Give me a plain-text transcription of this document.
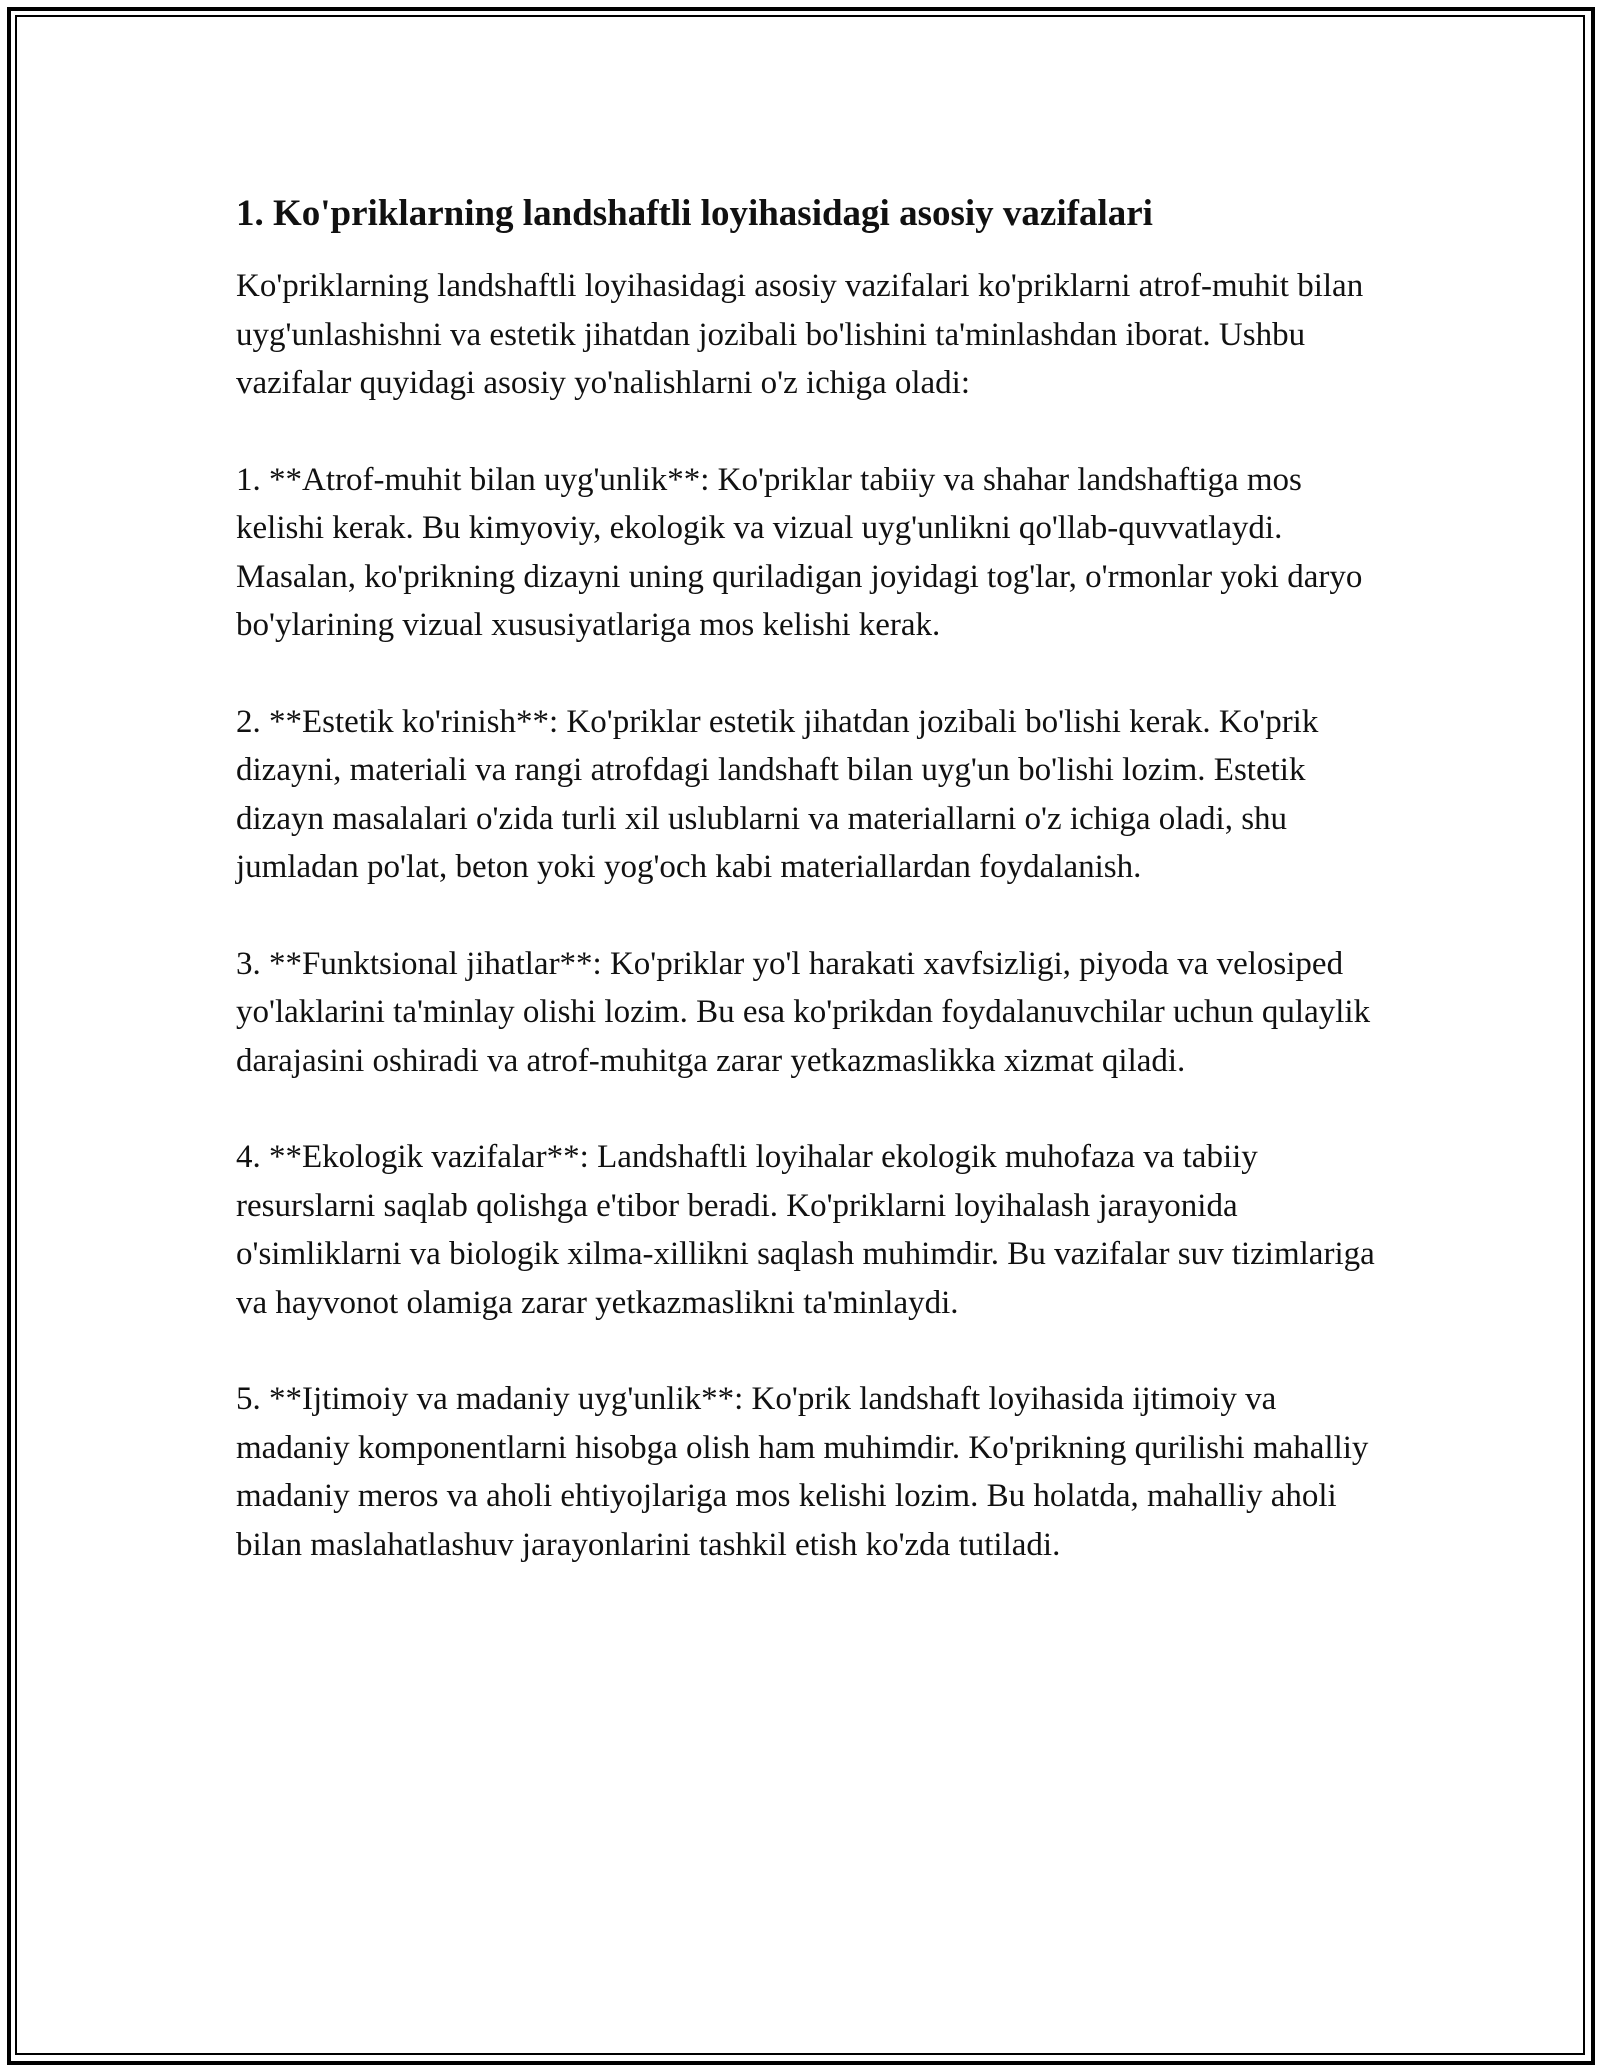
1. Ko'priklarning landshaftli loyihasidagi asosiy vazifalari

Ko'priklarning landshaftli loyihasidagi asosiy vazifalari ko'priklarni atrof-muhit bilan uyg'unlashishni va estetik jihatdan jozibali bo'lishini ta'minlashdan iborat. Ushbu vazifalar quyidagi asosiy yo'nalishlarni o'z ichiga oladi:

1. **Atrof-muhit bilan uyg'unlik**: Ko'priklar tabiiy va shahar landshaftiga mos kelishi kerak. Bu kimyoviy, ekologik va vizual uyg'unlikni qo'llab-quvvatlaydi. Masalan, ko'prikning dizayni uning quriladigan joyidagi tog'lar, o'rmonlar yoki daryo bo'ylarining vizual xususiyatlariga mos kelishi kerak.

2. **Estetik ko'rinish**: Ko'priklar estetik jihatdan jozibali bo'lishi kerak. Ko'prik dizayni, materiali va rangi atrofdagi landshaft bilan uyg'un bo'lishi lozim. Estetik dizayn masalalari o'zida turli xil uslublarni va materiallarni o'z ichiga oladi, shu jumladan po'lat, beton yoki yog'och kabi materiallardan foydalanish.

3. **Funktsional jihatlar**: Ko'priklar yo'l harakati xavfsizligi, piyoda va velosiped yo'laklarini ta'minlay olishi lozim. Bu esa ko'prikdan foydalanuvchilar uchun qulaylik darajasini oshiradi va atrof-muhitga zarar yetkazmaslikka xizmat qiladi.

4. **Ekologik vazifalar**: Landshaftli loyihalar ekologik muhofaza va tabiiy resurslarni saqlab qolishga e'tibor beradi. Ko'priklarni loyihalash jarayonida o'simliklarni va biologik xilma-xillikni saqlash muhimdir. Bu vazifalar suv tizimlariga va hayvonot olamiga zarar yetkazmaslikni ta'minlaydi.

5. **Ijtimoiy va madaniy uyg'unlik**: Ko'prik landshaft loyihasida ijtimoiy va madaniy komponentlarni hisobga olish ham muhimdir. Ko'prikning qurilishi mahalliy madaniy meros va aholi ehtiyojlariga mos kelishi lozim. Bu holatda, mahalliy aholi bilan maslahatlashuv jarayonlarini tashkil etish ko'zda tutiladi.
